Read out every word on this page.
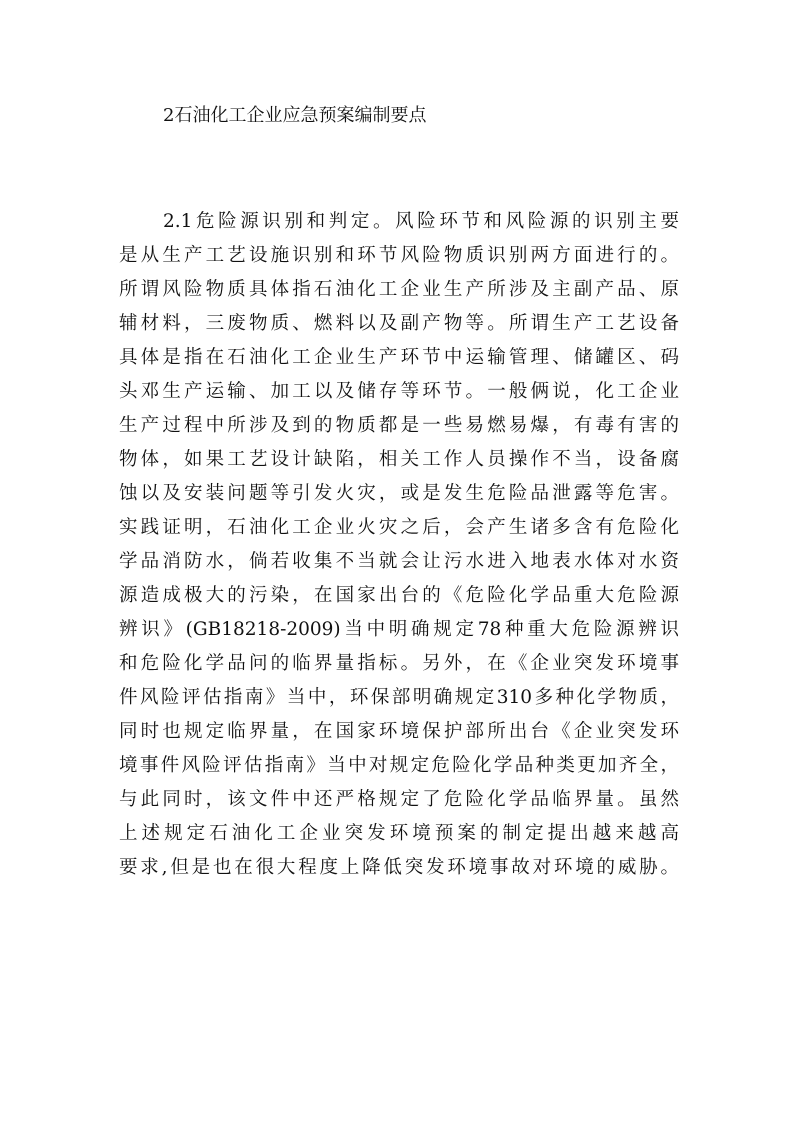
2石油化工企业应急预案编制要点
2.1危险源识别和判定。风险环节和风险源的识别主要
是从生产工艺设施识别和环节风险物质识别两方面进行的。
所谓风险物质具体指石油化工企业生产所涉及主副产品、原
辅材料，三废物质、燃料以及副产物等。所谓生产工艺设备
具体是指在石油化工企业生产环节中运输管理、储罐区、码
头邓生产运输、加工以及储存等环节。一般俩说，化工企业
生产过程中所涉及到的物质都是一些易燃易爆，有毒有害的
物体，如果工艺设计缺陷，相关工作人员操作不当，设备腐
蚀以及安装问题等引发火灾，或是发生危险品泄露等危害。
实践证明，石油化工企业火灾之后，会产生诸多含有危险化
学品消防水，倘若收集不当就会让污水进入地表水体对水资
源造成极大的污染，在国家出台的《危险化学品重大危险源
辨识》(GB18218-2009)当中明确规定78种重大危险源辨识
和危险化学品问的临界量指标。另外，在《企业突发环境事
件风险评估指南》当中，环保部明确规定310多种化学物质，
同时也规定临界量，在国家环境保护部所出台《企业突发环
境事件风险评估指南》当中对规定危险化学品种类更加齐全，
与此同时，该文件中还严格规定了危险化学品临界量。虽然
上述规定石油化工企业突发环境预案的制定提出越来越高
要求,但是也在很大程度上降低突发环境事故对环境的威胁。
